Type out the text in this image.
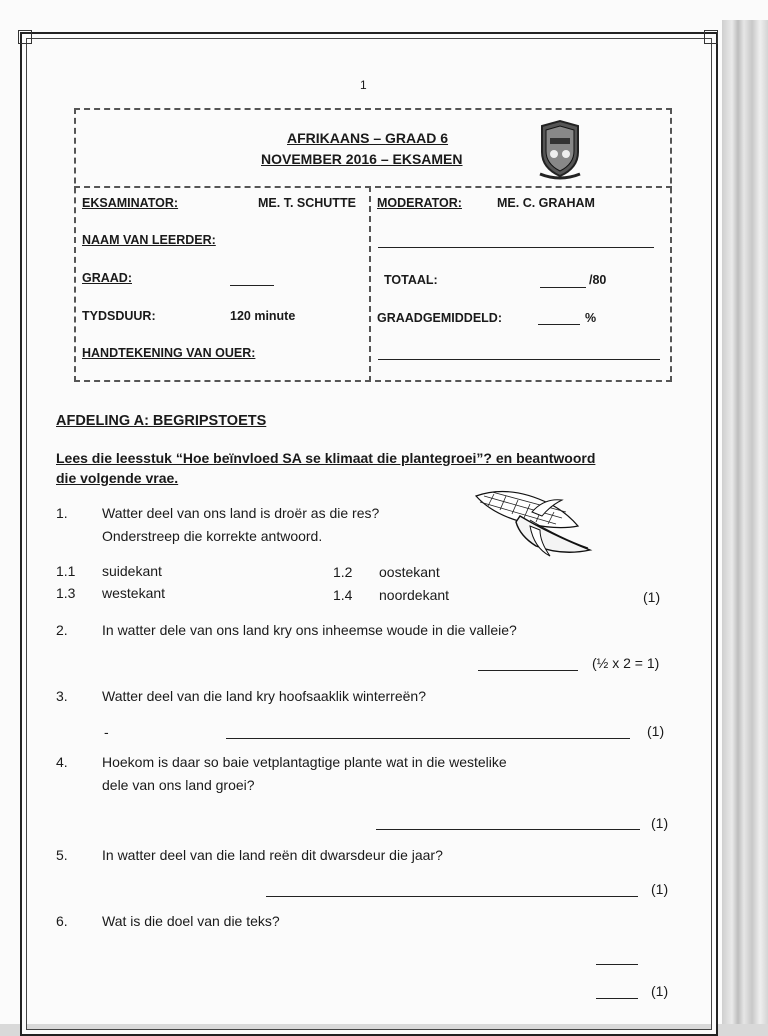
1
AFRIKAANS – GRAAD 6
NOVEMBER 2016 – EKSAMEN
EKSAMINATOR:	ME. T. SCHUTTE MODERATOR:	ME. C. GRAHAM
NAAM VAN LEERDER:
GRAAD:	TOTAAL:	/80
TYDSDUUR:	120 minute	GRAADGEMIDDELD:	%
HANDTEKENING VAN OUER:
AFDELING A: BEGRIPSTOETS
Lees die leesstuk “Hoe beïnvloed SA se klimaat die plantegroei”? en beantwoord
die volgende vrae.
1. Watter deel van ons land is droër as die res?
Onderstreep die korrekte antwoord.
1.1 suidekant	1.2 oostekant
1.3 westekant	1.4 noordekant	(1)
2. In watter dele van ons land kry ons inheemse woude in die valleie?
(½ x 2 = 1)
3. Watter deel van die land kry hoofsaaklik winterreën?
-	(1)
4. Hoekom is daar so baie vetplantagtige plante wat in die westelike
dele van ons land groei?
(1)
5. In watter deel van die land reën dit dwarsdeur die jaar?
(1)
6. Wat is die doel van die teks?
(1)
